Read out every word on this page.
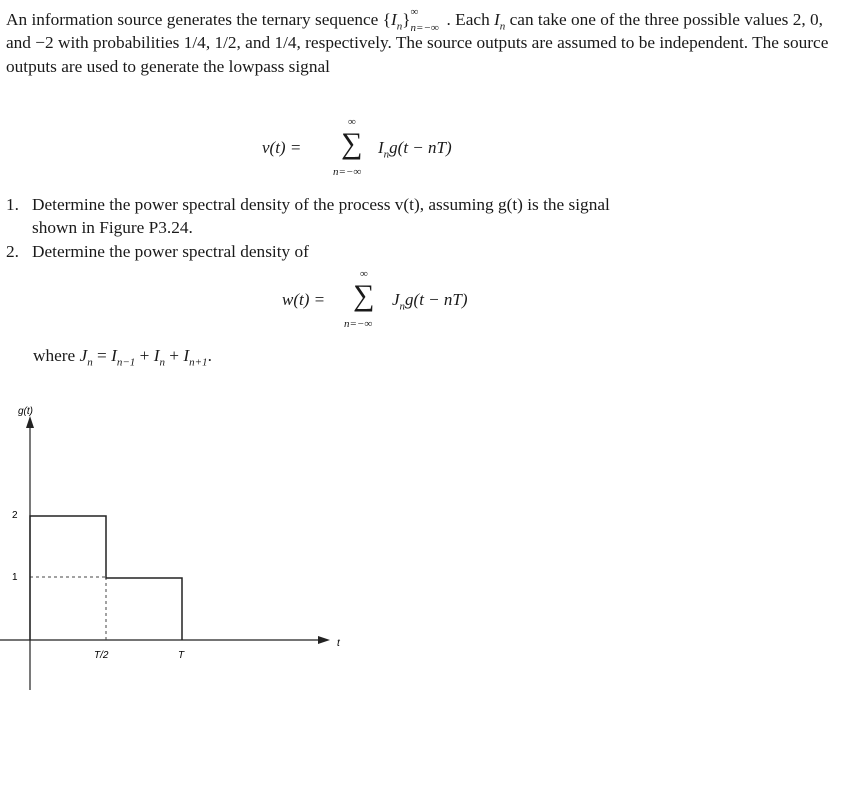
An information source generates the ternary sequence $\{I_n\}$ ∞
n=−∞ . Each $I_n$ can take one of the three possible values 2, 0, and −2 with probabilities 1/4, 1/2, and 1/4, respectively. The source outputs are assumed to be independent. The source outputs are used to generate the lowpass signal

v(t) =
∞
∑
n=−∞
$I_ng(t - nT)$
1. Determine the power spectral density of the process v(t), assuming g(t) is the signal
shown in Figure P3.24.
2. Determine the power spectral density of
w(t) =
∞
∑
n=−∞
$J_ng(t - nT)$
where $J_n = I_{n-1} + I_n + I_{n+1}$.
g(t)
t
2
1
T/2	T
